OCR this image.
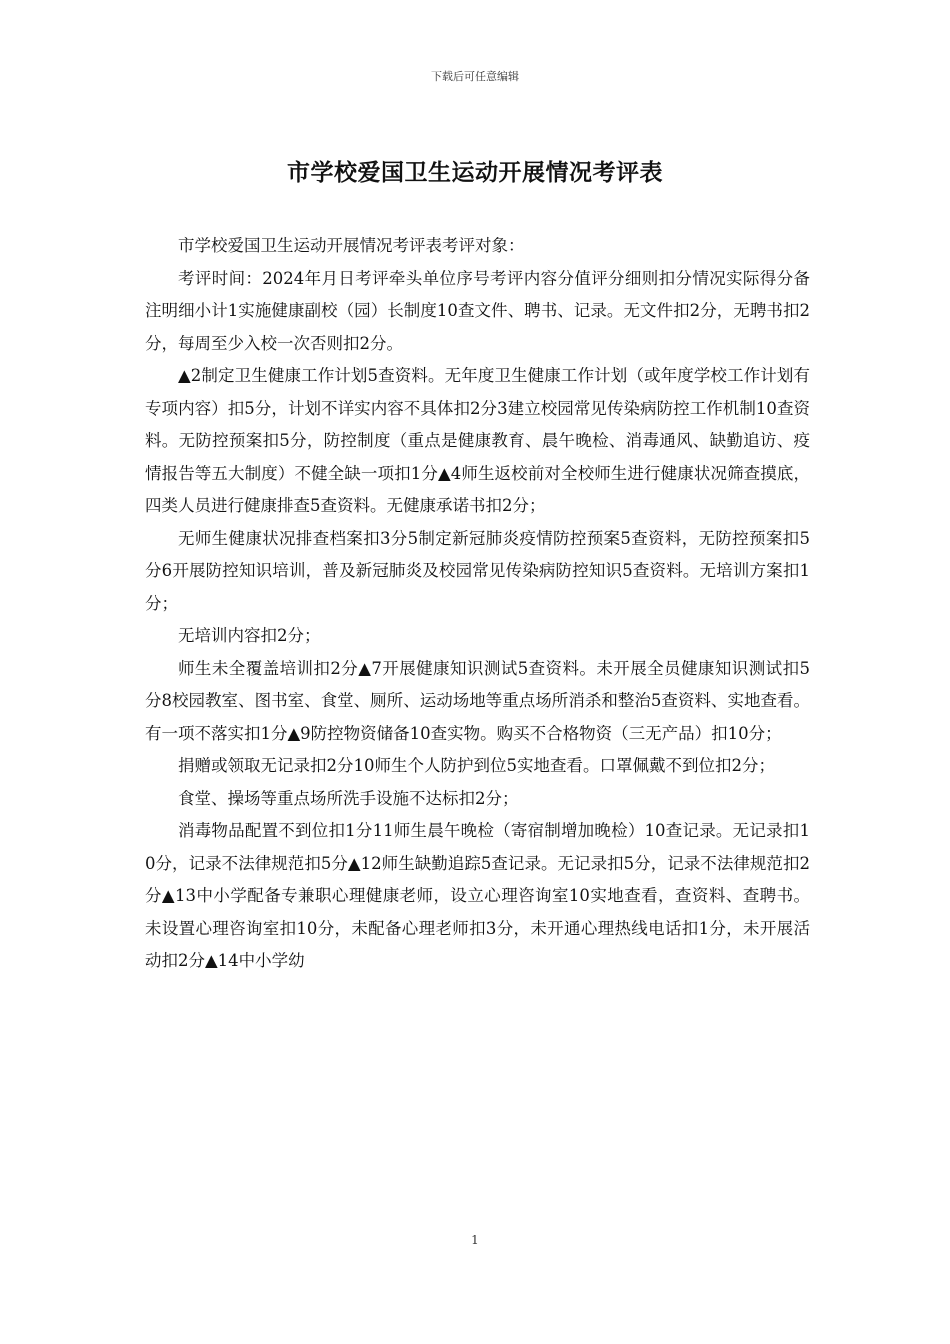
下载后可任意编辑
市学校爱国卫生运动开展情况考评表

市学校爱国卫生运动开展情况考评表考评对象：

考评时间：2024年月日考评牵头单位序号考评内容分值评分细则扣分情况实际得分备注明细小计1实施健康副校（园）长制度10查文件、聘书、记录。无文件扣2分，无聘书扣2分，每周至少入校一次否则扣2分。

▲2制定卫生健康工作计划5查资料。无年度卫生健康工作计划（或年度学校工作计划有专项内容）扣5分，计划不详实内容不具体扣2分3建立校园常见传染病防控工作机制10查资料。无防控预案扣5分，防控制度（重点是健康教育、晨午晚检、消毒通风、缺勤追访、疫情报告等五大制度）不健全缺一项扣1分▲4师生返校前对全校师生进行健康状况筛查摸底，四类人员进行健康排查5查资料。无健康承诺书扣2分；

无师生健康状况排查档案扣3分5制定新冠肺炎疫情防控预案5查资料，无防控预案扣5分6开展防控知识培训，普及新冠肺炎及校园常见传染病防控知识5查资料。无培训方案扣1分；

无培训内容扣2分；

师生未全覆盖培训扣2分▲7开展健康知识测试5查资料。未开展全员健康知识测试扣5分8校园教室、图书室、食堂、厕所、运动场地等重点场所消杀和整治5查资料、实地查看。有一项不落实扣1分▲9防控物资储备10查实物。购买不合格物资（三无产品）扣10分；

捐赠或领取无记录扣2分10师生个人防护到位5实地查看。口罩佩戴不到位扣2分；

食堂、操场等重点场所洗手设施不达标扣2分；

消毒物品配置不到位扣1分11师生晨午晚检（寄宿制增加晚检）10查记录。无记录扣10分，记录不法律规范扣5分▲12师生缺勤追踪5查记录。无记录扣5分，记录不法律规范扣2分▲13中小学配备专兼职心理健康老师，设立心理咨询室10实地查看，查资料、查聘书。未设置心理咨询室扣10分，未配备心理老师扣3分，未开通心理热线电话扣1分，未开展活动扣2分▲14中小学幼

1
